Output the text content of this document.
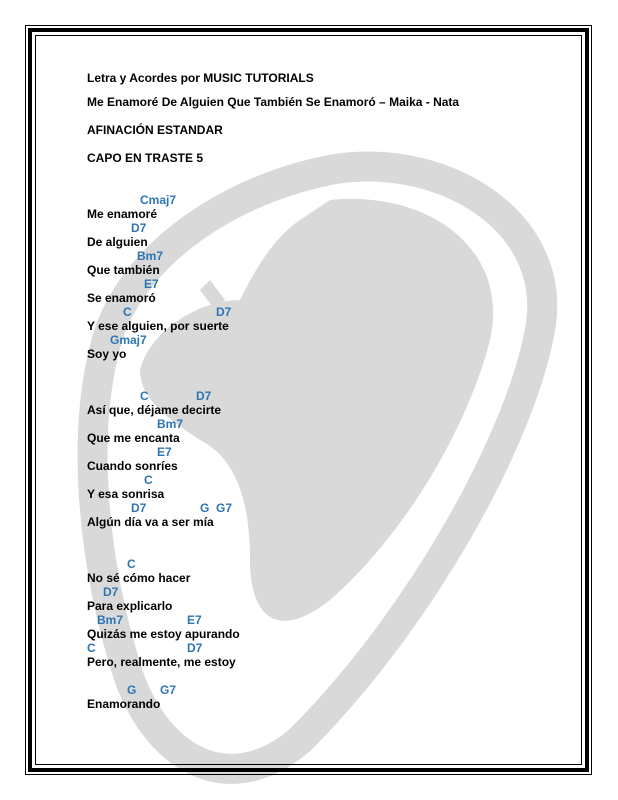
Letra y Acordes por MUSIC TUTORIALS
Me Enamoré De Alguien Que También Se Enamoró – Maika - Nata
AFINACIÓN ESTANDAR
CAPO EN TRASTE 5
Cmaj7
Me enamoré
D7
De alguien
Bm7
Que también
E7
Se enamoró
C	D7
Y ese alguien, por suerte
Gmaj7
Soy yo
C	D7
Así que, déjame decirte
Bm7
Que me encanta
E7
Cuando sonríes
C
Y esa sonrisa
D7	G G7
Algún día va a ser mía
C
No sé cómo hacer
D7
Para explicarlo
Bm7	E7
Quizás me estoy apurando
C	D7
Pero, realmente, me estoy
G G7
Enamorando
